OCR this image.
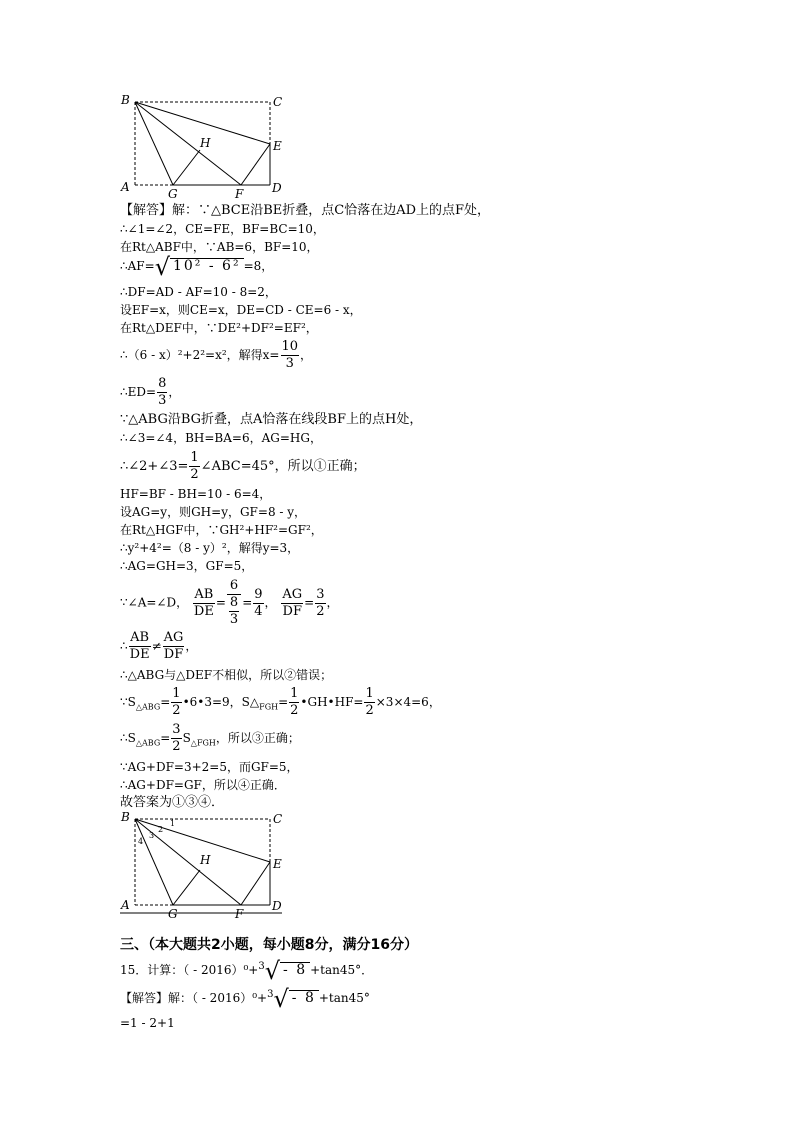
B	C
H	E
A	G	F D
【解答】解：∵△BCE沿BE折叠，点C恰落在边AD上的点F处，
∴∠1=∠2，CE=FE，BF=BC=10，
在Rt△ABF中，∵AB=6，BF=10，
∴AF=√ 10² - 6² =8，
∴DF=AD - AF=10 - 8=2，
设EF=x，则CE=x，DE=CD - CE=6 - x，
在Rt△DEF中，∵DE²+DF²=EF²，
∴（6 - x）²+2²=x²，解得$x= \frac{10}{3}$ ，
∴ED= $\frac{8}{3}$ ，
∵△ABG沿BG折叠，点A恰落在线段BF上的点H处，
∴∠3=∠4，BH=BA=6，AG=HG，
∴∠2+∠3= $\frac{1}{2}$ ∠ABC=45°，所以①正确；
HF=BF - BH=10 - 6=4，
设AG=y，则GH=y，GF=8 - y，
在Rt△HGF中，∵GH²+HF²=GF²，
∴y²+4²=（8 - y）²，解得y=3，
∴AG=GH=3，GF=5，
∵∠A=∠D， $\frac{AB}{DE} = \frac{6}{\frac{8}{3}} = \frac{9}{4}$ ， $\frac{AG}{DF} = \frac{3}{2}$ ，
∴ $\frac{AB}{DE} \ne \frac{AG}{DF}$ ，
∴△ABG与△DEF不相似，所以②错误；
$\because S_{\triangle ABG}= \frac{1}{2}$ •6•3=9，$S\triangle_{FGH}= \frac{1}{2}$ •GH•HF= $\frac{1}{2} \times 3\times 4=6$，
$\therefore S_{\triangle ABG}= \frac{3}{2} S_{\triangle FGH}$，所以③正确；
∵AG+DF=3+2=5，而GF=5，
∴AG+DF=GF，所以④正确．
故答案为①③④．
B	C
1
2
3
4
H	E
A
G	F
D
三、（本大题共2小题，每小题8分，满分16分）
15．计算：（ - 2016）⁰+$^3$√- 8 +tan45°．
【解答】解：（ - 2016）⁰+$^3$√- 8 +tan45°
=1 - 2+1
